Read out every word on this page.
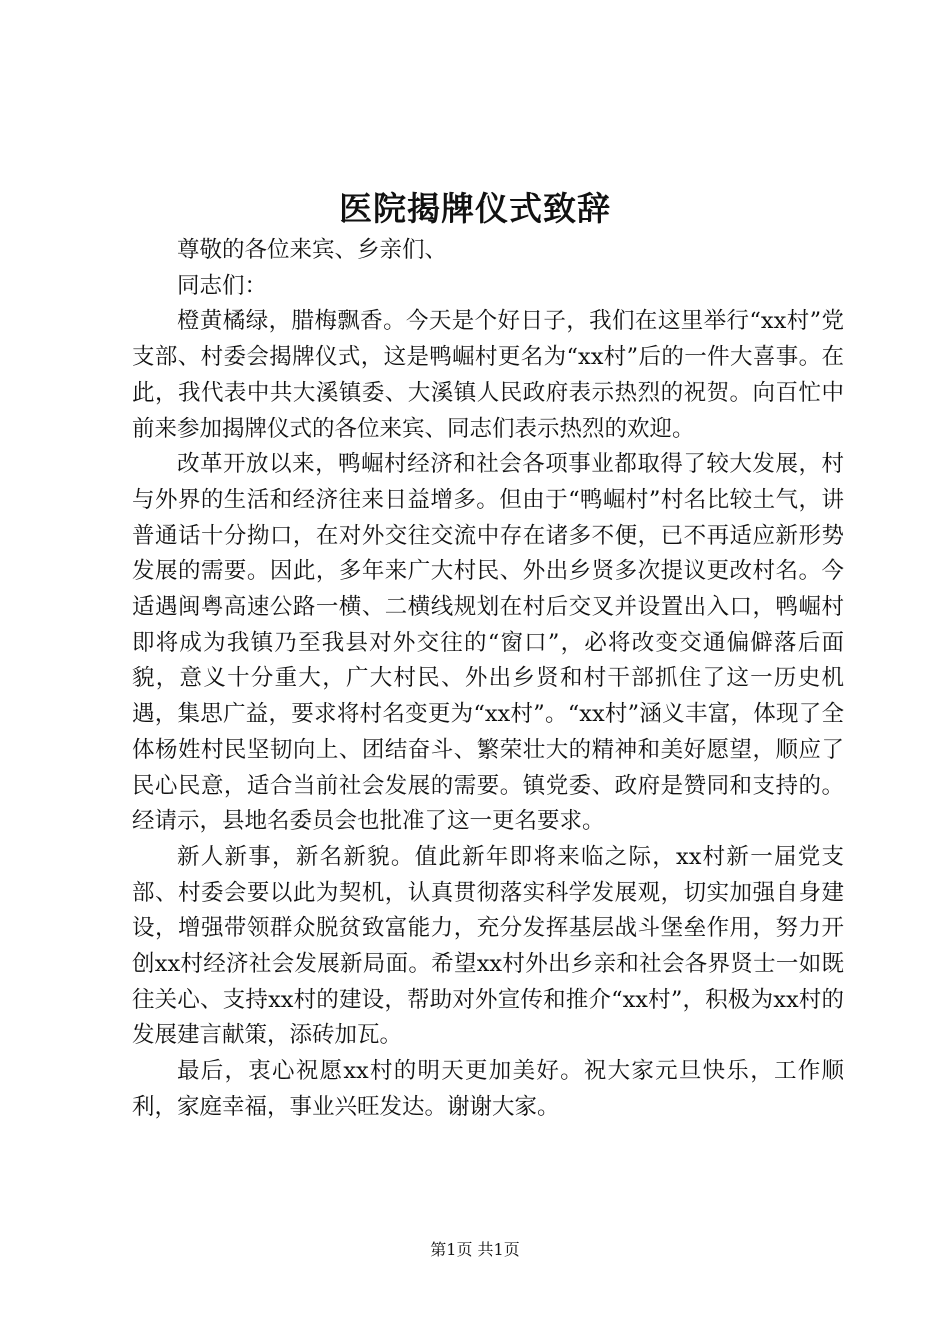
医院揭牌仪式致辞

尊敬的各位来宾、乡亲们、

同志们：

橙黄橘绿，腊梅飘香。今天是个好日子，我们在这里举行“xx村”党支部、村委会揭牌仪式，这是鸭崛村更名为“xx村”后的一件大喜事。在此，我代表中共大溪镇委、大溪镇人民政府表示热烈的祝贺。向百忙中前来参加揭牌仪式的各位来宾、同志们表示热烈的欢迎。

改革开放以来，鸭崛村经济和社会各项事业都取得了较大发展，村与外界的生活和经济往来日益增多。但由于“鸭崛村”村名比较土气，讲普通话十分拗口，在对外交往交流中存在诸多不便，已不再适应新形势发展的需要。因此，多年来广大村民、外出乡贤多次提议更改村名。今适遇闽粤高速公路一横、二横线规划在村后交叉并设置出入口，鸭崛村即将成为我镇乃至我县对外交往的“窗口”，必将改变交通偏僻落后面貌，意义十分重大，广大村民、外出乡贤和村干部抓住了这一历史机遇，集思广益，要求将村名变更为“xx村”。“xx村”涵义丰富，体现了全体杨姓村民坚韧向上、团结奋斗、繁荣壮大的精神和美好愿望，顺应了民心民意，适合当前社会发展的需要。镇党委、政府是赞同和支持的。经请示，县地名委员会也批准了这一更名要求。

新人新事，新名新貌。值此新年即将来临之际，xx村新一届党支部、村委会要以此为契机，认真贯彻落实科学发展观，切实加强自身建设，增强带领群众脱贫致富能力，充分发挥基层战斗堡垒作用，努力开创xx村经济社会发展新局面。希望xx村外出乡亲和社会各界贤士一如既往关心、支持xx村的建设，帮助对外宣传和推介“xx村”，积极为xx村的发展建言献策，添砖加瓦。

最后，衷心祝愿xx村的明天更加美好。祝大家元旦快乐，工作顺利，家庭幸福，事业兴旺发达。谢谢大家。

第1页 共1页
